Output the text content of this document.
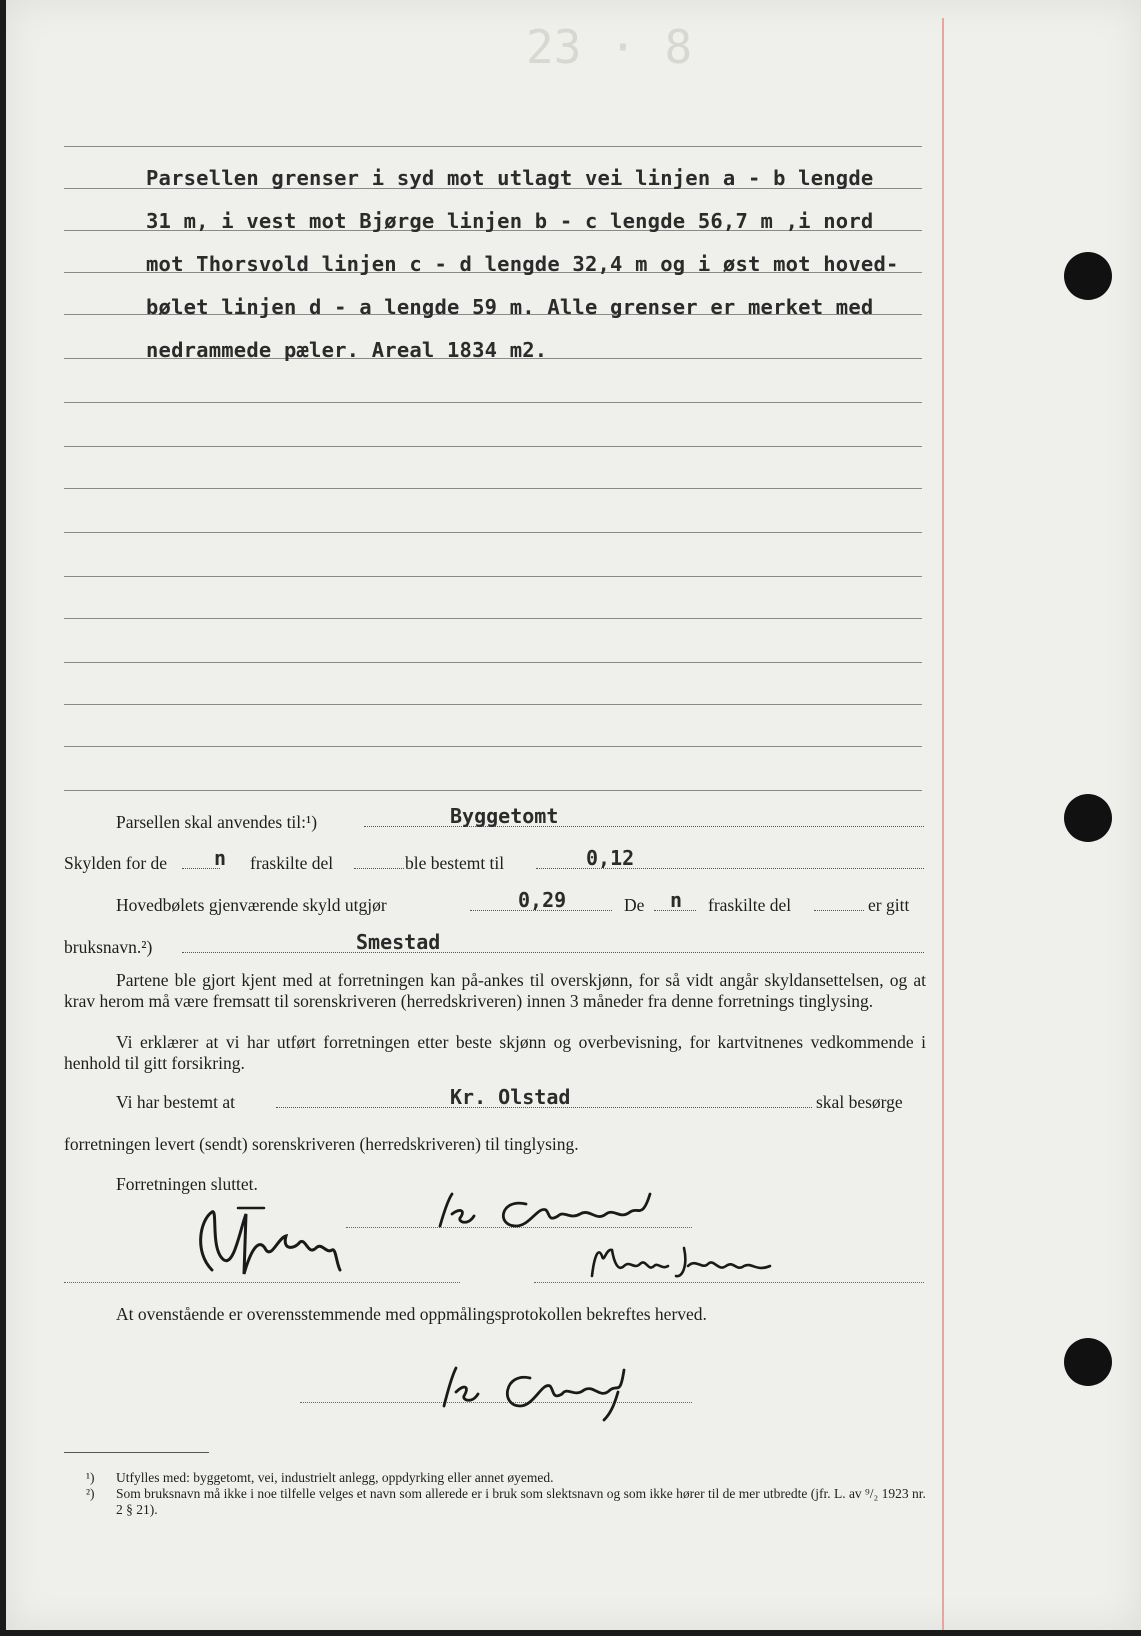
23 · 8
Parsellen grenser i syd mot utlagt vei linjen a - b lengde
31 m, i vest mot Bjørge linjen b - c lengde 56,7 m ,i nord
mot Thorsvold linjen c - d lengde 32,4 m og i øst mot hoved-
bølet linjen d - a lengde 59 m. Alle grenser er merket med
nedrammede pæler. Areal 1834 m2.
Parsellen skal anvendes til:¹)	Byggetomt
Skylden for de n fraskilte del	ble bestemt til	0,12
Hovedbølets gjenværende skyld utgjør	0,29	De n fraskilte del	er gitt
bruksnavn.²)	Smestad
Partene ble gjort kjent med at forretningen kan på-ankes til overskjønn, for så vidt angår skyldansettelsen, og at krav herom må være fremsatt til sorenskriveren (herredskriveren) innen 3 måneder fra denne forretnings tinglysing.
Vi erklærer at vi har utført forretningen etter beste skjønn og overbevisning, for kartvitnenes vedkommende i henhold til gitt forsikring.
Vi har bestemt at	Kr. Olstad	skal besørge
forretningen levert (sendt) sorenskriveren (herredskriveren) til tinglysing.
Forretningen sluttet.	Kr. Olstad
At ovenstående er overensstemmende med oppmålingsprotokollen bekreftes herved.
¹) Utfylles med: byggetomt, vei, industrielt anlegg, oppdyrking eller annet øyemed.
²) Som bruksnavn må ikke i noe tilfelle velges et navn som allerede er i bruk som slektsnavn og som ikke hører til de mer utbredte (jfr. L. av ⁹/₂ 1923 nr. 2 § 21).
